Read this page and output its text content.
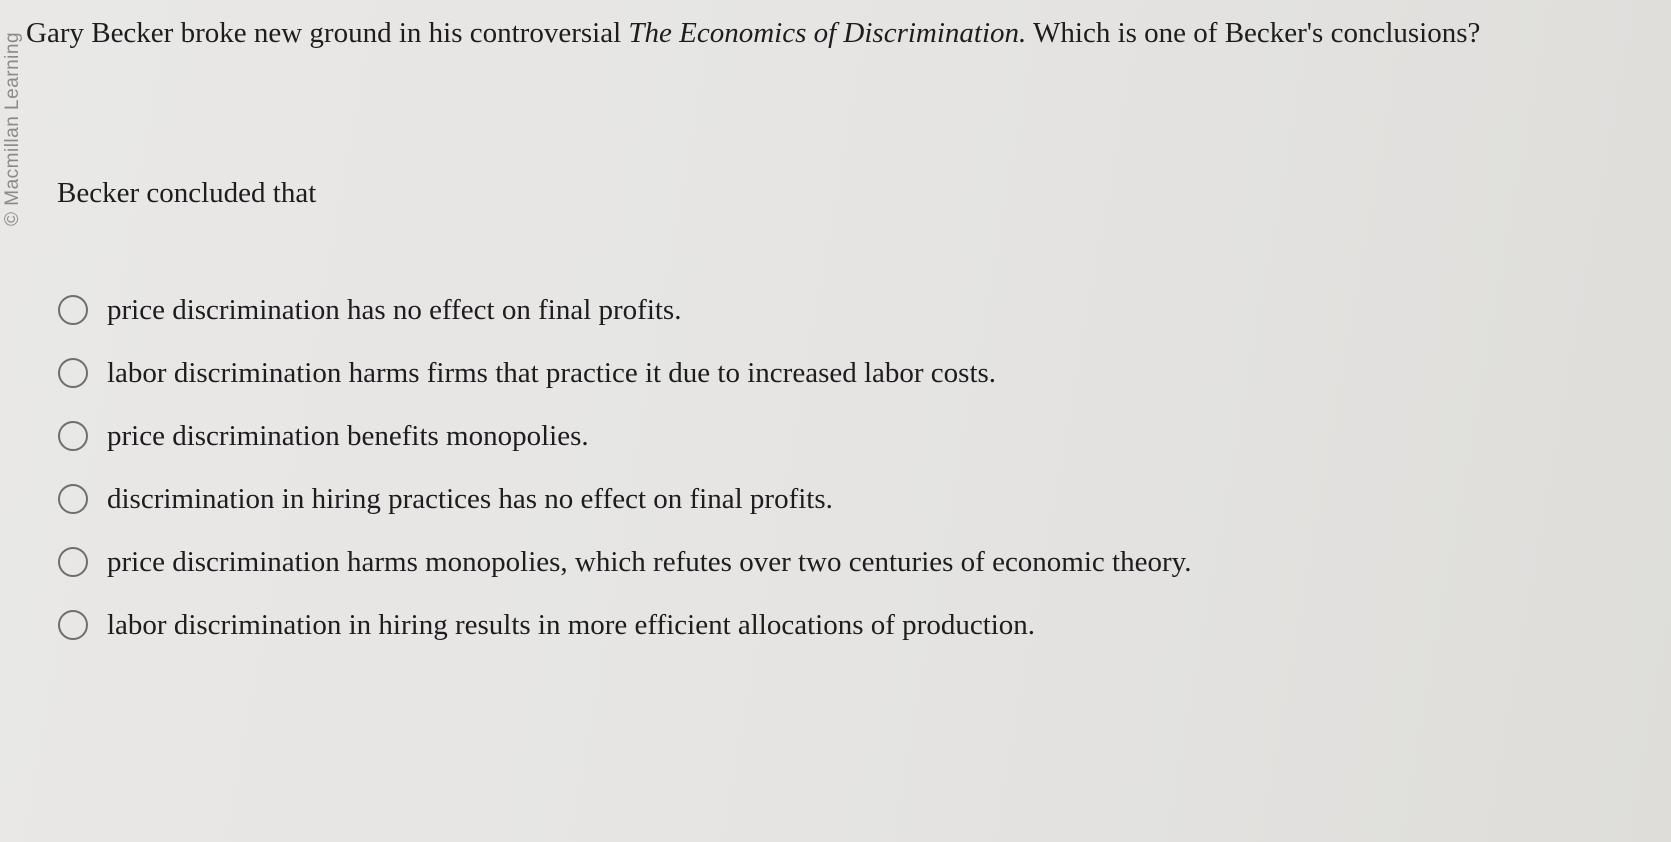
© Macmillan Learning Gary Becker broke new ground in his controversial The Economics of Discrimination. Which is one of Becker's conclusions?
Becker concluded that
price discrimination has no effect on final profits.
labor discrimination harms firms that practice it due to increased labor costs.
price discrimination benefits monopolies.
discrimination in hiring practices has no effect on final profits.
price discrimination harms monopolies, which refutes over two centuries of economic theory.
labor discrimination in hiring results in more efficient allocations of production.
